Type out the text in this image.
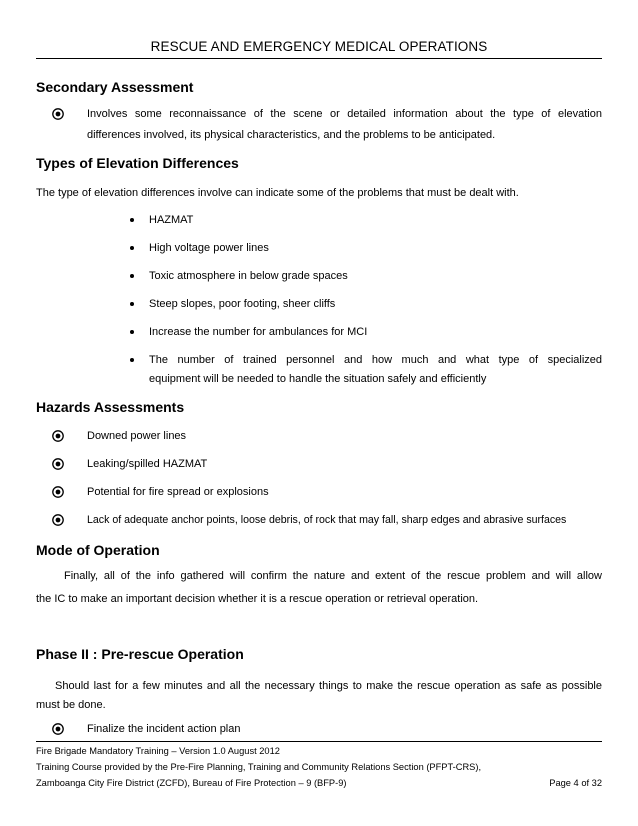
RESCUE AND EMERGENCY MEDICAL OPERATIONS
Secondary Assessment
Involves some reconnaissance of the scene or detailed information about the type of elevation
differences involved, its physical characteristics, and the problems to be anticipated.
Types of Elevation Differences
The type of elevation differences involve can indicate some of the problems that must be dealt with.
HAZMAT
High voltage power lines
Toxic atmosphere in below grade spaces
Steep slopes, poor footing, sheer cliffs
Increase the number for ambulances for MCI
The number of trained personnel and how much and what type of specialized
equipment will be needed to handle the situation safely and efficiently
Hazards Assessments
Downed power lines
Leaking/spilled HAZMAT
Potential for fire spread or explosions
Lack of adequate anchor points, loose debris, of rock that may fall, sharp edges and abrasive surfaces
Mode of Operation
Finally, all of the info gathered will confirm the nature and extent of the rescue problem and will allow
the IC to make an important decision whether it is a rescue operation or retrieval operation.
Phase II : Pre-rescue Operation
Should last for a few minutes and all the necessary things to make the rescue operation as safe as possible
must be done.
Finalize the incident action plan
Fire Brigade Mandatory Training – Version 1.0 August 2012
Training Course provided by the Pre-Fire Planning, Training and Community Relations Section (PFPT-CRS),
Zamboanga City Fire District (ZCFD), Bureau of Fire Protection – 9 (BFP-9)	Page 4 of 32
